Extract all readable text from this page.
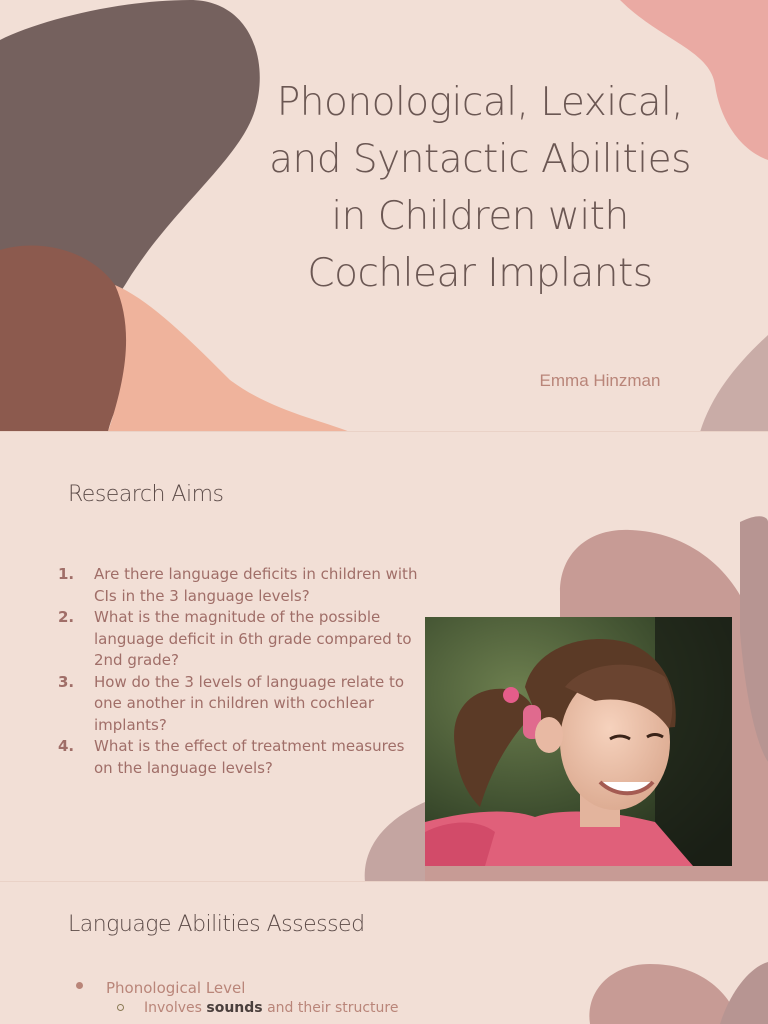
Phonological, Lexical, and Syntactic Abilities in Children with Cochlear Implants
Emma Hinzman
Research Aims
1. Are there language deficits in children with CIs in the 3 language levels?
2. What is the magnitude of the possible language deficit in 6th grade compared to 2nd grade?
3. How do the 3 levels of language relate to one another in children with cochlear implants?
4. What is the effect of treatment measures on the language levels?
Language Abilities Assessed
Phonological Level
Involves sounds and their structure
